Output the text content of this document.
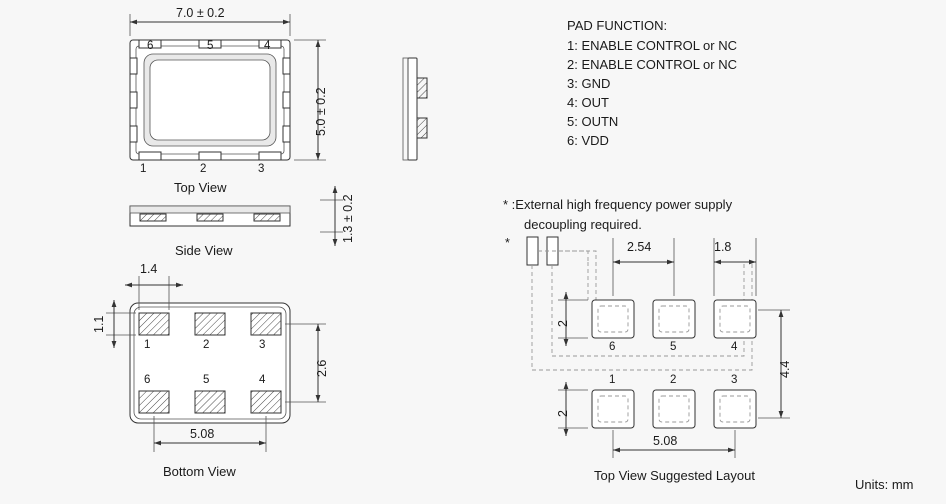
7.0 ± 0.2
5.0 ± 0.2
6	5	4
1	2	3
Top View
Side View
1.3 ± 0.2
1.4
1.1
2.6
5.08
1	2	3
6	5	4
Bottom View
PAD FUNCTION:
1: ENABLE CONTROL or NC
2: ENABLE CONTROL or NC
3: GND
4: OUT
5: OUTN
6: VDD
* :External high frequency power supply
decoupling required.
*	2.54	1.8
2
2
4.4
5.08
6	5	4
1	2	3
Top View Suggested Layout
Units: mm
